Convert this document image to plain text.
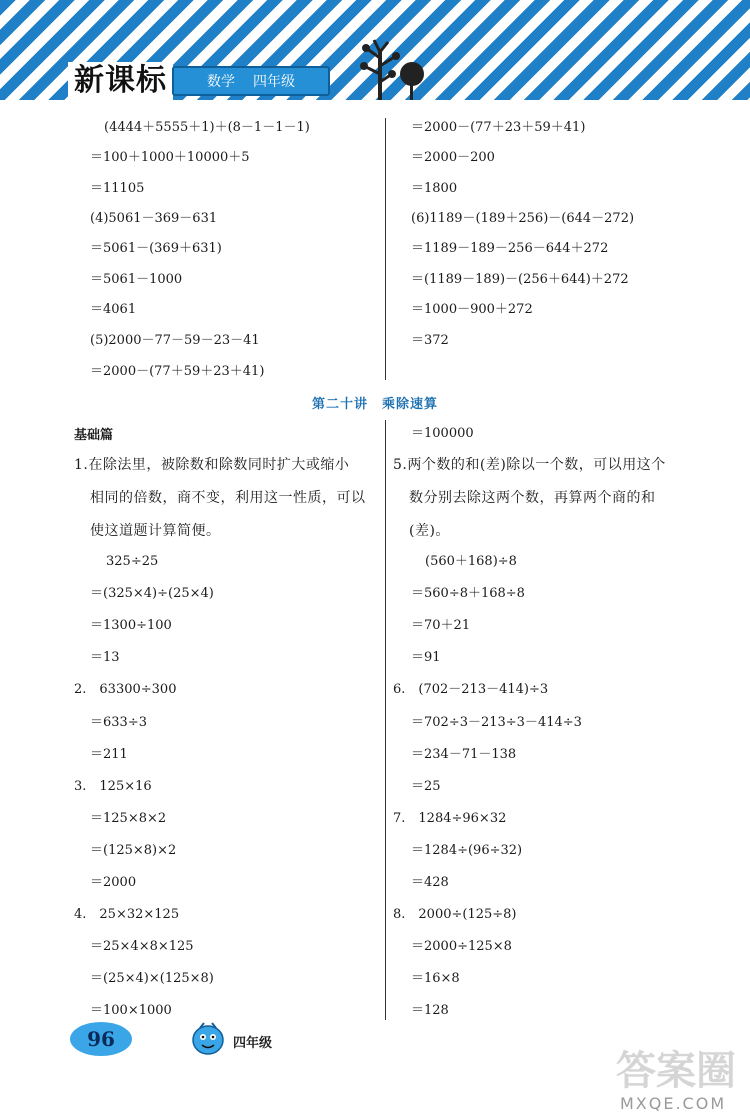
新课标	数学 四年级
(4444＋5555＋1)＋(8－1－1－1)
＝100＋1000＋10000＋5
＝11105
(4)5061－369－631
＝5061－(369＋631)
＝5061－1000
＝4061
(5)2000－77－59－23－41
＝2000－(77＋59＋23＋41)
＝2000－(77＋23＋59＋41)
＝2000－200
＝1800
(6)1189－(189＋256)－(644－272)
＝1189－189－256－644＋272
＝(1189－189)－(256＋644)＋272
＝1000－900＋272
＝372
第二十讲　乘除速算
基础篇
1.在除法里，被除数和除数同时扩大或缩小
相同的倍数，商不变，利用这一性质，可以
使这道题计算简便。
325÷25
＝(325×4)÷(25×4)
＝1300÷100
＝13
2.　63300÷300
＝633÷3
＝211
3.　125×16
＝125×8×2
＝(125×8)×2
＝2000
4.　25×32×125
＝25×4×8×125
＝(25×4)×(125×8)
＝100×1000
＝100000
5.两个数的和(差)除以一个数，可以用这个
数分别去除这两个数，再算两个商的和
(差)。
(560＋168)÷8
＝560÷8＋168÷8
＝70＋21
＝91
6.　(702－213－414)÷3
＝702÷3－213÷3－414÷3
＝234－71－138
＝25
7.　1284÷96×32
＝1284÷(96÷32)
＝428
8.　2000÷(125÷8)
＝2000÷125×8
＝16×8
＝128
96	四年级
答案圈
MXQE.COM
